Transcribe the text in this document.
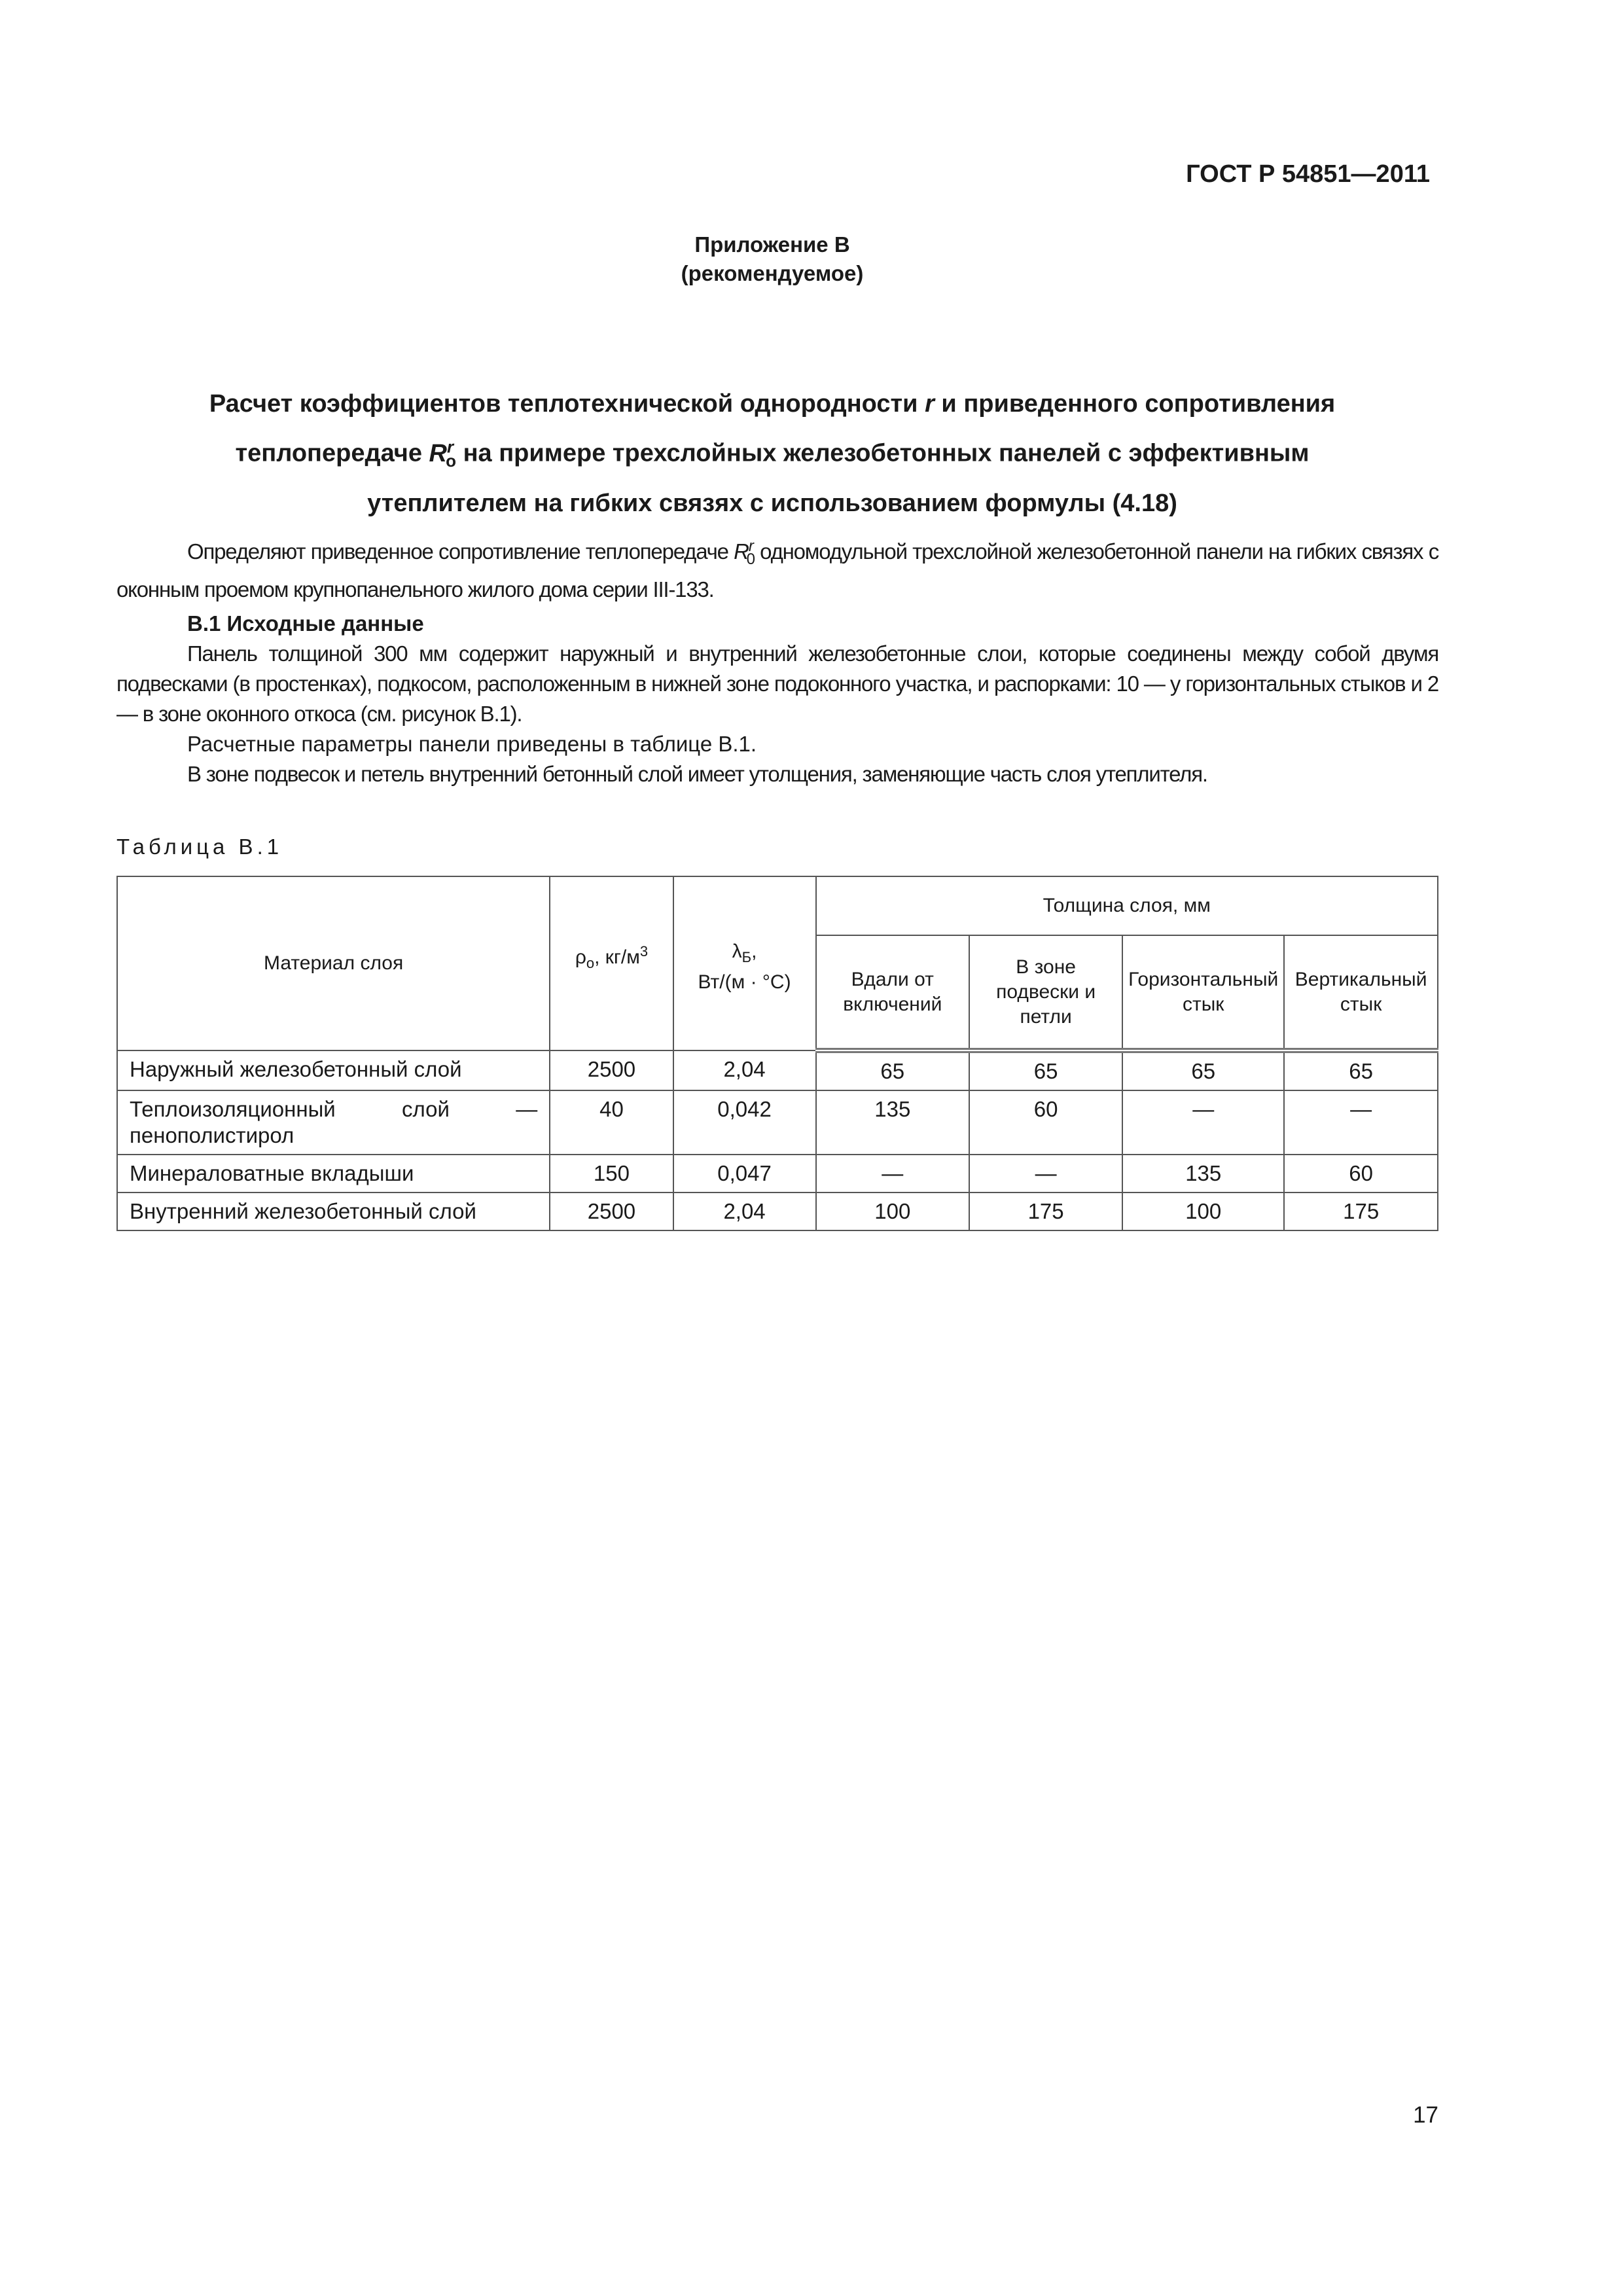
ГОСТ Р 54851—2011
Приложение В
(рекомендуемое)
Расчет коэффициентов теплотехнической однородности r и приведенного сопротивления
теплопередаче $R^r_о$ на примере трехслойных железобетонных панелей с эффективным
утеплителем на гибких связях с использованием формулы (4.18)

Определяют приведенное сопротивление теплопередаче $R^r_0$ одномодульной трехслойной железобетонной панели на гибких связях с оконным проемом крупнопанельного жилого дома серии III-133.

В.1 Исходные данные

Панель толщиной 300 мм содержит наружный и внутренний железобетонные слои, которые соединены между собой двумя подвесками (в простенках), подкосом, расположенным в нижней зоне подоконного участка, и распорками: 10 — у горизонтальных стыков и 2 — в зоне оконного откоса (см. рисунок В.1).

Расчетные параметры панели приведены в таблице В.1.

В зоне подвесок и петель внутренний бетонный слой имеет утолщения, заменяющие часть слоя утеплителя.

Таблица В.1
Материал слоя	$\rho_о$, $кг/м^3$	$\lambda_Б$,
Вт/(м · °С)	Толщина слоя, мм			
			Вдали от включений	В зоне подвески и петли	Горизонтальный стык	Вертикальный стык
Наружный железобетонный слой	2500	2,04	65	65	65	65
Теплоизоляционный слой — пенополистирол	40	0,042	135	60	—	—
Минераловатные вкладыши	150	0,047	—	—	135	60
Внутренний железобетонный слой	2500	2,04	100	175	100	175
17
